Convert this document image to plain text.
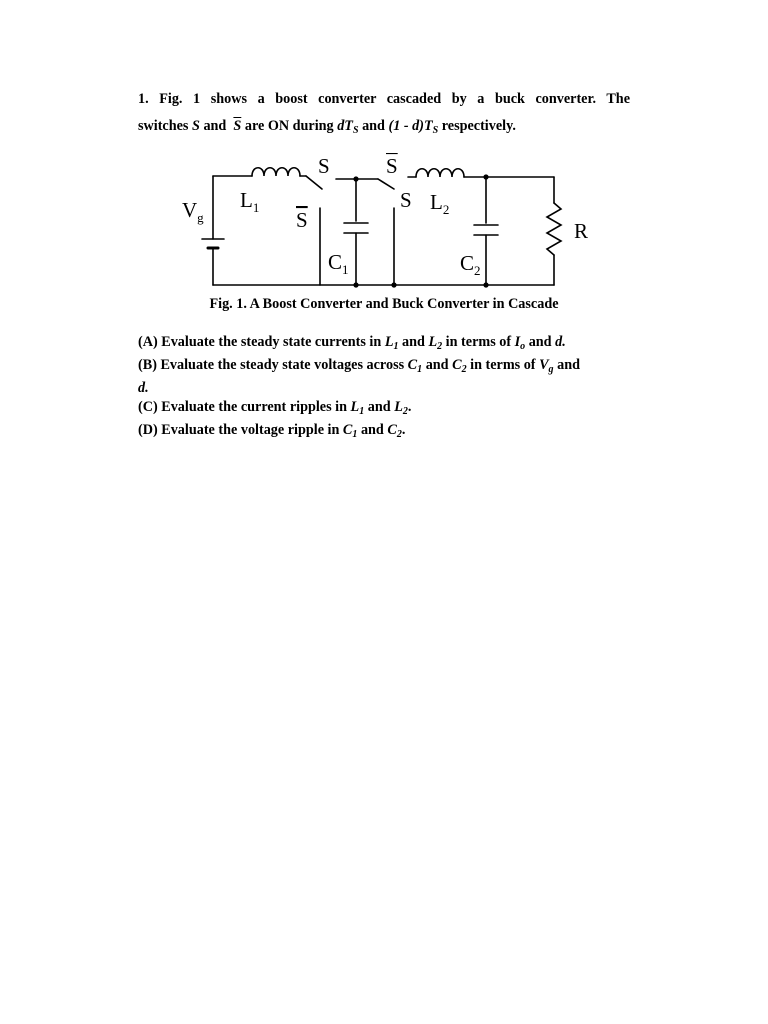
1. Fig. 1 shows a boost converter cascaded by a buck converter. The
switches S and $\overline{S}$ are ON during $dT_S$ and $(1 - d)T_S$ respectively.
$V_g$
$L_1$
S
S
$C_1$
S
S $L_2$
$C_2$
R
Fig. 1. A Boost Converter and Buck Converter in Cascade
(A) Evaluate the steady state currents in $L_1$ and $L_2$ in terms of $I_o$ and d.
(B) Evaluate the steady state voltages across $C_1$ and $C_2$ in terms of $V_g$ and
d.
(C) Evaluate the current ripples in $L_1$ and $L_2$.
(D) Evaluate the voltage ripple in $C_1$ and $C_2$.
